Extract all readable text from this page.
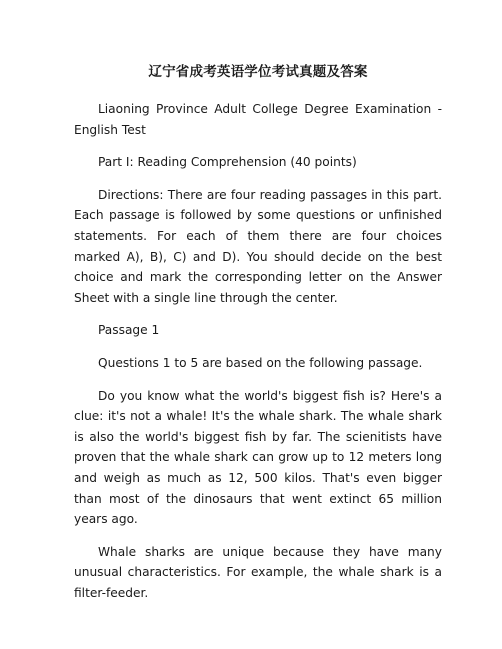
辽宁省成考英语学位考试真题及答案

Liaoning Province Adult College Degree Examination - English Test

Part I: Reading Comprehension (40 points)

Directions: There are four reading passages in this part. Each passage is followed by some questions or unfinished statements. For each of them there are four choices marked A), B), C) and D). You should decide on the best choice and mark the corresponding letter on the Answer Sheet with a single line through the center.

Passage 1

Questions 1 to 5 are based on the following passage.

Do you know what the world's biggest fish is? Here's a clue: it's not a whale! It's the whale shark. The whale shark is also the world's biggest fish by far. The scienitists have proven that the whale shark can grow up to 12 meters long and weigh as much as 12, 500 kilos. That's even bigger than most of the dinosaurs that went extinct 65 million years ago.

Whale sharks are unique because they have many unusual characteristics. For example, the whale shark is a filter-feeder.
